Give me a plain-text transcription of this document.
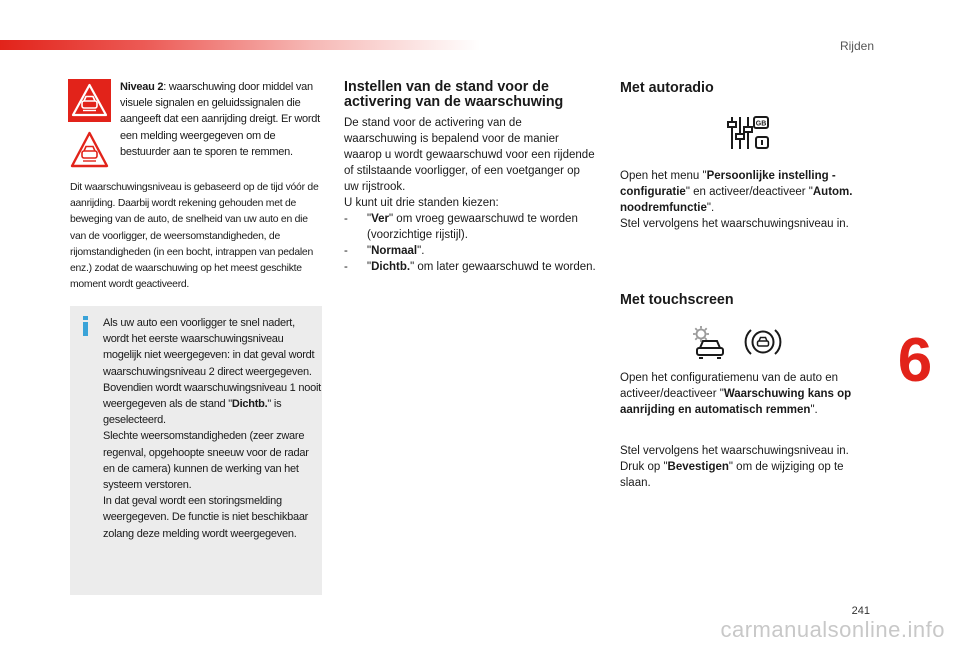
Rijden
Niveau 2: waarschuwing door middel van visuele signalen en geluidssignalen die aangeeft dat een aanrijding dreigt. Er wordt een melding weergegeven om de bestuurder aan te sporen te remmen.
Dit waarschuwingsniveau is gebaseerd op de tijd vóór de aanrijding. Daarbij wordt rekening gehouden met de beweging van de auto, de snelheid van uw auto en die van de voorligger, de weersomstandigheden, de rijomstandigheden (in een bocht, intrappen van pedalen enz.) zodat de waarschuwing op het meest geschikte moment wordt geactiveerd.
Als uw auto een voorligger te snel nadert, wordt het eerste waarschuwingsniveau mogelijk niet weergegeven: in dat geval wordt waarschuwingsniveau 2 direct weergegeven.
Bovendien wordt waarschuwingsniveau 1 nooit weergegeven als de stand "Dichtb." is geselecteerd.
Slechte weersomstandigheden (zeer zware regenval, opgehoopte sneeuw voor de radar en de camera) kunnen de werking van het systeem verstoren.
In dat geval wordt een storingsmelding weergegeven. De functie is niet beschikbaar zolang deze melding wordt weergegeven.
Instellen van de stand voor de activering van de waarschuwing
De stand voor de activering van de waarschuwing is bepalend voor de manier waarop u wordt gewaarschuwd voor een rijdende of stilstaande voorligger, of een voetganger op uw rijstrook.
U kunt uit drie standen kiezen:
- "Ver" om vroeg gewaarschuwd te worden (voorzichtige rijstijl).
- "Normaal".
- "Dichtb." om later gewaarschuwd te worden.
Met autoradio
GB
Open het menu "Persoonlijke instelling - configuratie" en activeer/deactiveer "Autom. noodremfunctie".
Stel vervolgens het waarschuwingsniveau in.
Met touchscreen
Open het configuratiemenu van de auto en activeer/deactiveer "Waarschuwing kans op aanrijding en automatisch remmen".
Stel vervolgens het waarschuwingsniveau in.
Druk op "Bevestigen" om de wijziging op te slaan.
6
241
carmanualsonline.info
